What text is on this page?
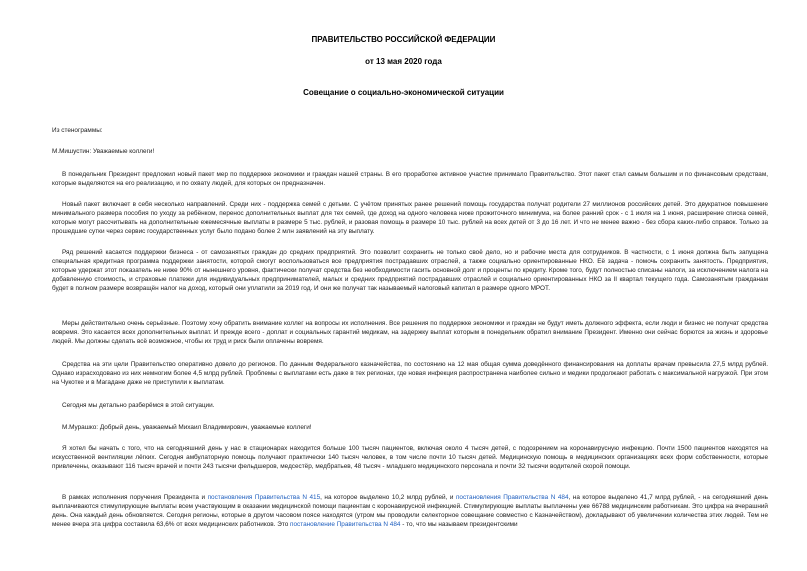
ПРАВИТЕЛЬСТВО РОССИЙСКОЙ ФЕДЕРАЦИИ
от 13 мая 2020 года
Совещание о социально-экономической ситуации
Из стенограммы:
М.Мишустин: Уважаемые коллеги!
В понедельник Президент предложил новый пакет мер по поддержке экономики и граждан нашей страны. В его проработке активное участие принимало Правительство. Этот пакет стал самым большим и по финансовым средствам, которые выделяются на его реализацию, и по охвату людей, для которых он предназначен.
Новый пакет включает в себя несколько направлений. Среди них - поддержка семей с детьми. С учётом принятых ранее решений помощь государства получат родители 27 миллионов российских детей. Это двукратное повышение минимального размера пособия по уходу за ребёнком, перенос дополнительных выплат для тех семей, где доход на одного человека ниже прожиточного минимума, на более ранний срок - с 1 июля на 1 июня, расширение списка семей, которые могут рассчитывать на дополнительные ежемесячные выплаты в размере 5 тыс. рублей, и разовая помощь в размере 10 тыс. рублей на всех детей от 3 до 16 лет. И что не менее важно - без сбора каких-либо справок. Только за прошедшие сутки через сервис государственных услуг было подано более 2 млн заявлений на эту выплату.
Ряд решений касается поддержки бизнеса - от самозанятых граждан до средних предприятий. Это позволит сохранить не только своё дело, но и рабочие места для сотрудников. В частности, с 1 июня должна быть запущена специальная кредитная программа поддержки занятости, которой смогут воспользоваться все предприятия пострадавших отраслей, а также социально ориентированные НКО. Её задача - помочь сохранить занятость. Предприятия, которые удержат этот показатель не ниже 90% от нынешнего уровня, фактически получат средства без необходимости гасить основной долг и проценты по кредиту. Кроме того, будут полностью списаны налоги, за исключением налога на добавленную стоимость, и страховые платежи для индивидуальных предпринимателей, малых и средних предприятий пострадавших отраслей и социально ориентированных НКО за II квартал текущего года. Самозанятым гражданам будет в полном размере возвращён налог на доход, который они уплатили за 2019 год. И они же получат так называемый налоговый капитал в размере одного МРОТ.
Меры действительно очень серьёзные. Поэтому хочу обратить внимание коллег на вопросы их исполнения. Все решения по поддержке экономики и граждан не будут иметь должного эффекта, если люди и бизнес не получат средства вовремя. Это касается всех дополнительных выплат. И прежде всего - доплат и социальных гарантий медикам, на задержку выплат которым в понедельник обратил внимание Президент. Именно они сейчас борются за жизнь и здоровье людей. Мы должны сделать всё возможное, чтобы их труд и риск были оплачены вовремя.
Средства на эти цели Правительство оперативно довело до регионов. По данным Федерального казначейства, по состоянию на 12 мая общая сумма доведённого финансирования на доплаты врачам превысила 27,5 млрд рублей. Однако израсходовано из них немногим более 4,5 млрд рублей. Проблемы с выплатами есть даже в тех регионах, где новая инфекция распространена наиболее сильно и медики продолжают работать с максимальной нагрузкой. При этом на Чукотке и в Магадане даже не приступили к выплатам.
Сегодня мы детально разберёмся в этой ситуации.
М.Мурашко: Добрый день, уважаемый Михаил Владимирович, уважаемые коллеги!
Я хотел бы начать с того, что на сегодняшний день у нас в стационарах находится больше 100 тысяч пациентов, включая около 4 тысяч детей, с подозрением на коронавирусную инфекцию. Почти 1500 пациентов находятся на искусственной вентиляции лёгких. Сегодня амбулаторную помощь получают практически 140 тысяч человек, в том числе почти 10 тысяч детей. Медицинскую помощь в медицинских организациях всех форм собственности, которые привлечены, оказывают 116 тысяч врачей и почти 243 тысячи фельдшеров, медсестёр, медбратьев, 48 тысяч - младшего медицинского персонала и почти 32 тысячи водителей скорой помощи.
В рамках исполнения поручения Президента и постановления Правительства N 415, на которое выделено 10,2 млрд рублей, и постановления Правительства N 484, на которое выделено 41,7 млрд рублей, - на сегодняшний день выплачиваются стимулирующие выплаты всем участвующим в оказании медицинской помощи пациентам с коронавирусной инфекцией. Стимулирующие выплаты выплачены уже 66788 медицинским работникам. Это цифра на вчерашний день. Она каждый день обновляется. Сегодня регионы, которые в другом часовом поясе находятся (утром мы проводили селекторное совещание совместно с Казначейством), докладывают об увеличении количества этих людей. Тем не менее вчера эта цифра составила 63,6% от всех медицинских работников. Это постановление Правительства N 484 - то, что мы называем президентскими
